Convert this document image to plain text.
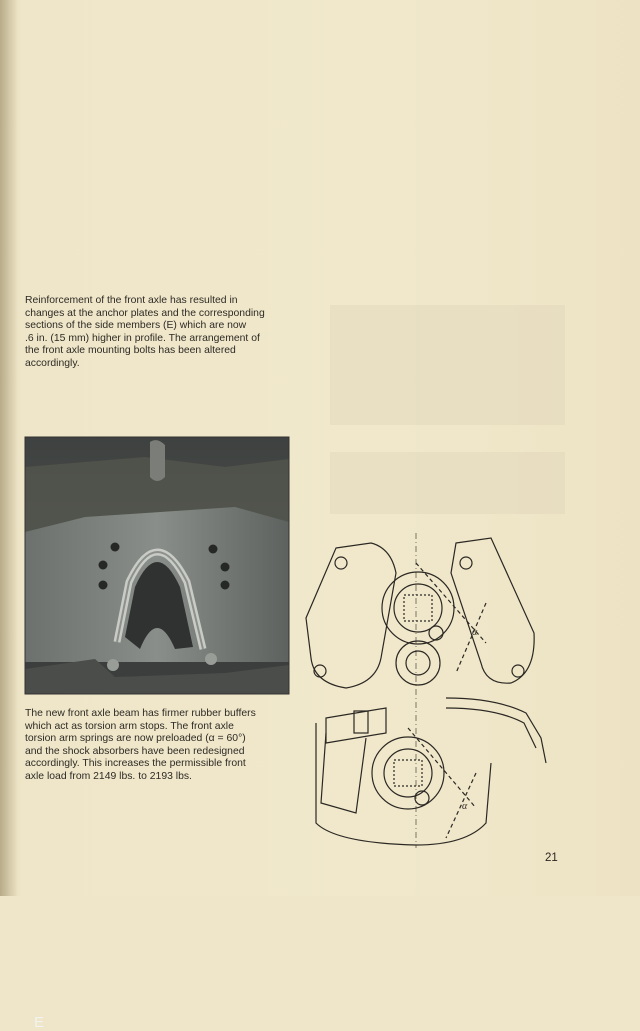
Reinforcement of the front axle has resulted in
changes at the anchor plates and the corresponding
sections of the side members (E) which are now
.6 in. (15 mm) higher in profile. The arrangement of
the front axle mounting bolts has been altered
accordingly.

E

The new front axle beam has firmer rubber buffers
which act as torsion arm stops. The front axle
torsion arm springs are now preloaded (α = 60°)
and the shock absorbers have been redesigned
accordingly. This increases the permissible front
axle load from 2149 lbs. to 2193 lbs.

α
α

21
